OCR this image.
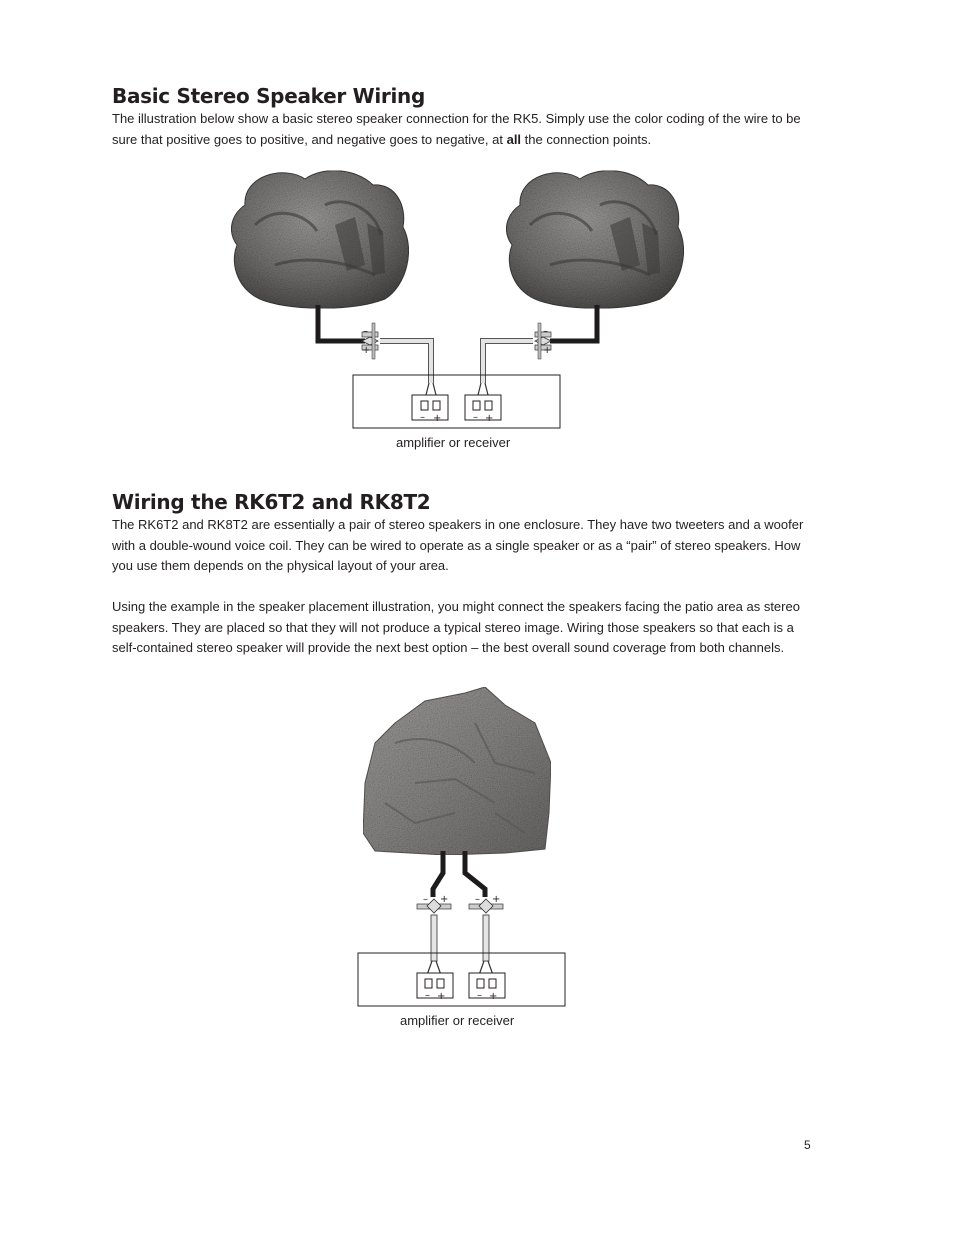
Basic Stereo Speaker Wiring

The illustration below show a basic stereo speaker connection for the RK5. Simply use the color coding of the wire to be sure that positive goes to positive, and negative goes to negative, at all the connection points.

–
+
–
+
– +	– +
amplifier or receiver
Wiring the RK6T2 and RK8T2

The RK6T2 and RK8T2 are essentially a pair of stereo speakers in one enclosure. They have two tweeters and a woofer with a double-wound voice coil. They can be wired to operate as a single speaker or as a “pair” of stereo speakers. How you use them depends on the physical layout of your area.

Using the example in the speaker placement illustration, you might connect the speakers facing the patio area as stereo speakers. They are placed so that they will not produce a typical stereo image. Wiring those speakers so that each is a self-contained stereo speaker will provide the next best option – the best overall sound coverage from both channels.

– +	– +
– +	– +
amplifier or receiver
5
